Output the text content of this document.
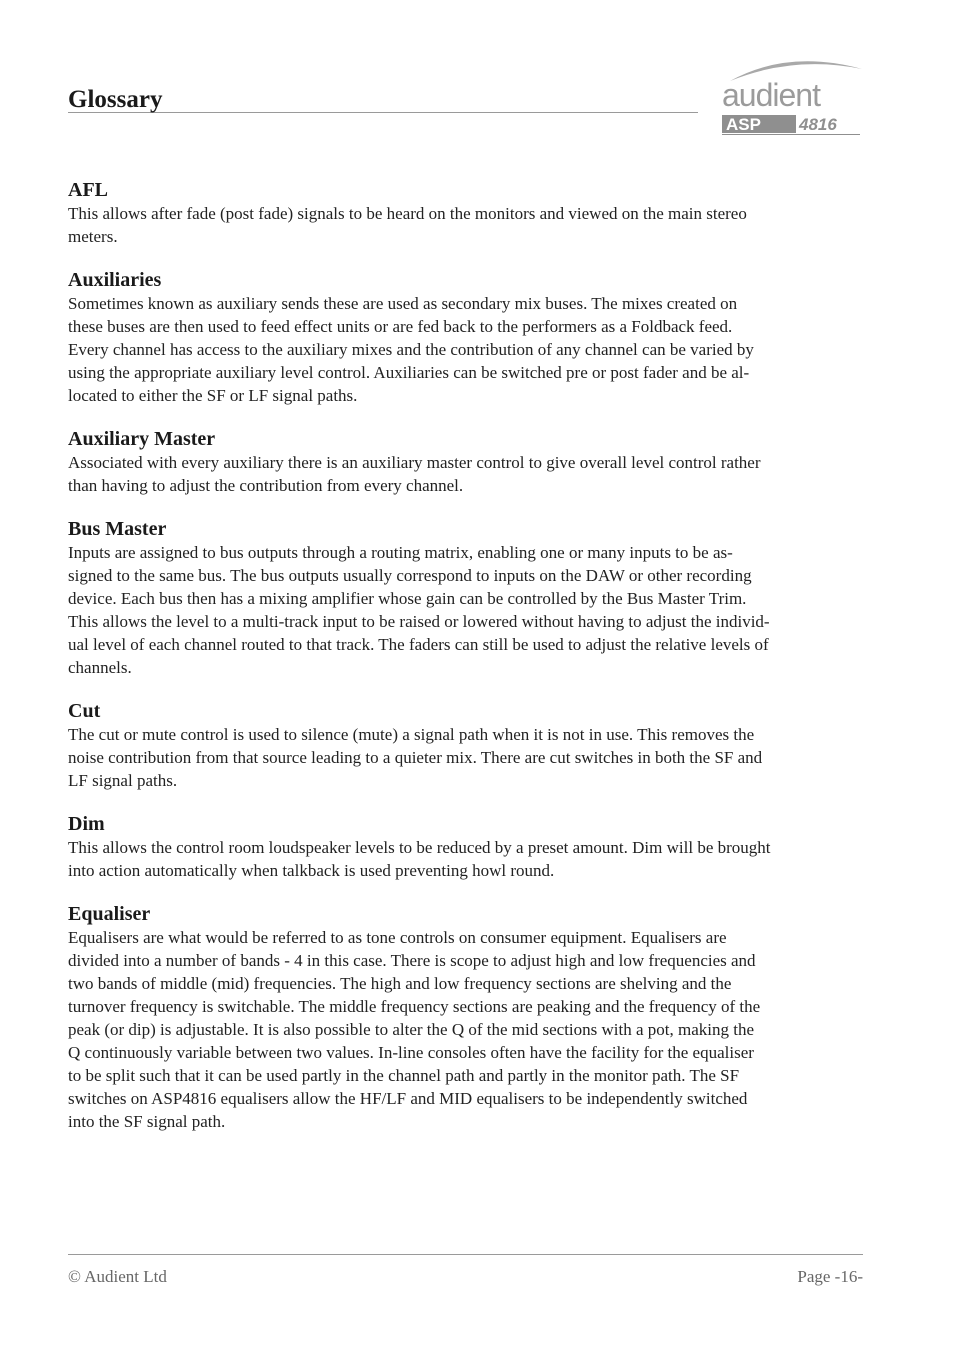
Glossary	audient
ASP 4816
AFL

This allows after fade (post fade) signals to be heard on the monitors and viewed on the main stereo
meters.

Auxiliaries

Sometimes known as auxiliary sends these are used as secondary mix buses. The mixes created on
these buses are then used to feed effect units or are fed back to the performers as a Foldback feed.
Every channel has access to the auxiliary mixes and the contribution of any channel can be varied by
using the appropriate auxiliary level control. Auxiliaries can be switched pre or post fader and be al-
located to either the SF or LF signal paths.

Auxiliary Master

Associated with every auxiliary there is an auxiliary master control to give overall level control rather
than having to adjust the contribution from every channel.

Bus Master

Inputs are assigned to bus outputs through a routing matrix, enabling one or many inputs to be as-
signed to the same bus. The bus outputs usually correspond to inputs on the DAW or other recording
device. Each bus then has a mixing amplifier whose gain can be controlled by the Bus Master Trim.
This allows the level to a multi-track input to be raised or lowered without having to adjust the individ-
ual level of each channel routed to that track. The faders can still be used to adjust the relative levels of
channels.

Cut

The cut or mute control is used to silence (mute) a signal path when it is not in use. This removes the
noise contribution from that source leading to a quieter mix. There are cut switches in both the SF and
LF signal paths.

Dim

This allows the control room loudspeaker levels to be reduced by a preset amount. Dim will be brought
into action automatically when talkback is used preventing howl round.

Equaliser

Equalisers are what would be referred to as tone controls on consumer equipment. Equalisers are
divided into a number of bands - 4 in this case. There is scope to adjust high and low frequencies and
two bands of middle (mid) frequencies. The high and low frequency sections are shelving and the
turnover frequency is switchable. The middle frequency sections are peaking and the frequency of the
peak (or dip) is adjustable. It is also possible to alter the Q of the mid sections with a pot, making the
Q continuously variable between two values. In-line consoles often have the facility for the equaliser
to be split such that it can be used partly in the channel path and partly in the monitor path. The SF
switches on ASP4816 equalisers allow the HF/LF and MID equalisers to be independently switched
into the SF signal path.

© Audient Ltd	Page -16-
